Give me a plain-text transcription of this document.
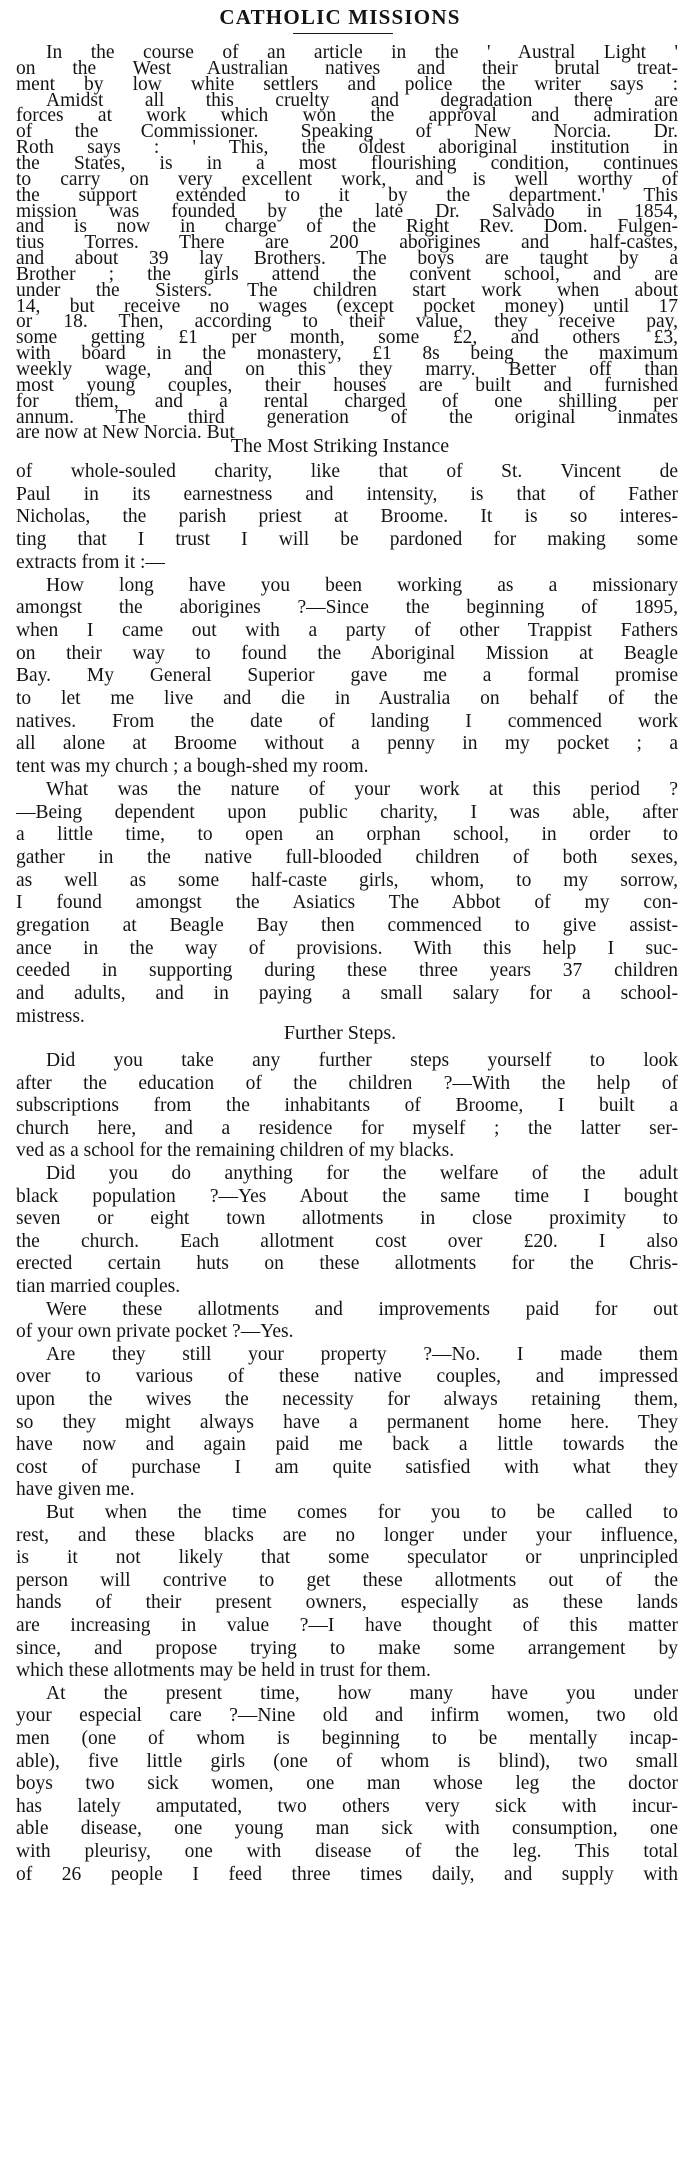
CATHOLIC MISSIONS
In the course of an article in the ' Austral Light '
on the West Australian natives and their brutal treat-
ment by low white settlers and police the writer says :
Amidst all this cruelty and degradation there are
forces at work which won the approval and admiration
of the Commissioner. Speaking of New Norcia. Dr.
Roth says : ' This, the oldest aboriginal institution in
the States, is in a most flourishing condition, continues
to carry on very excellent work, and is well worthy of
the support extended to it by the department.' This
mission was founded by the late Dr. Salvado in 1854,
and is now in charge of the Right Rev. Dom. Fulgen-
tius Torres. There are 200 aborigines and half-castes,
and about 39 lay Brothers. The boys are taught by a
Brother ; the girls attend the convent school, and are
under the Sisters. The children start work when about
14, but receive no wages (except pocket money) until 17
or 18. Then, according to their value, they receive pay,
some getting £1 per month, some £2, and others £3,
with board in the monastery, £1 8s being the maximum
weekly wage, and on this they marry. Better off than
most young couples, their houses are built and furnished
for them, and a rental charged of one shilling per
annum. The third generation of the original inmates
are now at New Norcia. But
The Most Striking Instance
of whole-souled charity, like that of St. Vincent de
Paul in its earnestness and intensity, is that of Father
Nicholas, the parish priest at Broome. It is so interes-
ting that I trust I will be pardoned for making some
extracts from it :—
How long have you been working as a missionary
amongst the aborigines ?—Since the beginning of 1895,
when I came out with a party of other Trappist Fathers
on their way to found the Aboriginal Mission at Beagle
Bay. My General Superior gave me a formal promise
to let me live and die in Australia on behalf of the
natives. From the date of landing I commenced work
all alone at Broome without a penny in my pocket ; a
tent was my church ; a bough-shed my room.
What was the nature of your work at this period ?
—Being dependent upon public charity, I was able, after
a little time, to open an orphan school, in order to
gather in the native full-blooded children of both sexes,
as well as some half-caste girls, whom, to my sorrow,
I found amongst the Asiatics The Abbot of my con-
gregation at Beagle Bay then commenced to give assist-
ance in the way of provisions. With this help I suc-
ceeded in supporting during these three years 37 children
and adults, and in paying a small salary for a school-
mistress.
Further Steps.
Did you take any further steps yourself to look
after the education of the children ?—With the help of
subscriptions from the inhabitants of Broome, I built a
church here, and a residence for myself ; the latter ser-
ved as a school for the remaining children of my blacks.
Did you do anything for the welfare of the adult
black population ?—Yes About the same time I bought
seven or eight town allotments in close proximity to
the church. Each allotment cost over £20. I also
erected certain huts on these allotments for the Chris-
tian married couples.
Were these allotments and improvements paid for out
of your own private pocket ?—Yes.
Are they still your property ?—No. I made them
over to various of these native couples, and impressed
upon the wives the necessity for always retaining them,
so they might always have a permanent home here. They
have now and again paid me back a little towards the
cost of purchase I am quite satisfied with what they
have given me.
But when the time comes for you to be called to
rest, and these blacks are no longer under your influence,
is it not likely that some speculator or unprincipled
person will contrive to get these allotments out of the
hands of their present owners, especially as these lands
are increasing in value ?—I have thought of this matter
since, and propose trying to make some arrangement by
which these allotments may be held in trust for them.
At the present time, how many have you under
your especial care ?—Nine old and infirm women, two old
men (one of whom is beginning to be mentally incap-
able), five little girls (one of whom is blind), two small
boys two sick women, one man whose leg the doctor
has lately amputated, two others very sick with incur-
able disease, one young man sick with consumption, one
with pleurisy, one with disease of the leg. This total
of 26 people I feed three times daily, and supply with
